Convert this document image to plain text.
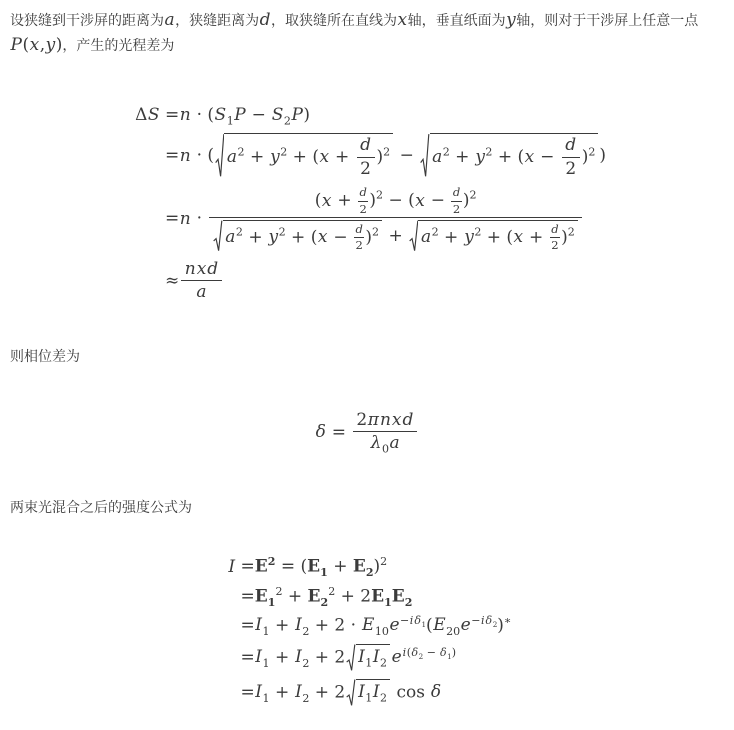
设狭缝到干涉屏的距离为a，狭缝距离为d，取狭缝所在直线为x轴，垂直纸面为y轴，则对于干涉屏上任意一点P(x,y)，产生的光程差为

$\Delta S =n \cdot (S_1P - S_2P)$
=n · ( $a^2 + y^2 + (x + \frac{d}{2} )^2 - a^2 + y^2 + (x - \frac{d}{2} )^2$ )
$=n \cdot \frac{(x + \frac{d}{2} )^2 - (x - \frac{d}{2} )^2}{a^2 + y^2 + (x - \frac{d}{2} )^2 + a^2 + y^2 + (x + \frac{d}{2} )^2}$
≈ $\frac{\text{nxd}}{a}$

则相位差为

$\delta = \frac{\text{2πnxd}}{\lambda_0a}$

两束光混合之后的强度公式为

$I =E^2 = (E_1 + E_2)^2$
$=E_1^2 + E_2^2 + 2E_1E_2$
$=I_1 + I_2 + 2 \cdot E_{10}e^{-i\delta_1}(E_{20}e^{-i\delta_2})^∗$
$=I_1 + I_2 + 2$ $I_1I_2$ $e^{i(\delta_2 - \delta_1)}$
$=I_1 + I_2 + 2$ $I_1I_2$ cos δ
